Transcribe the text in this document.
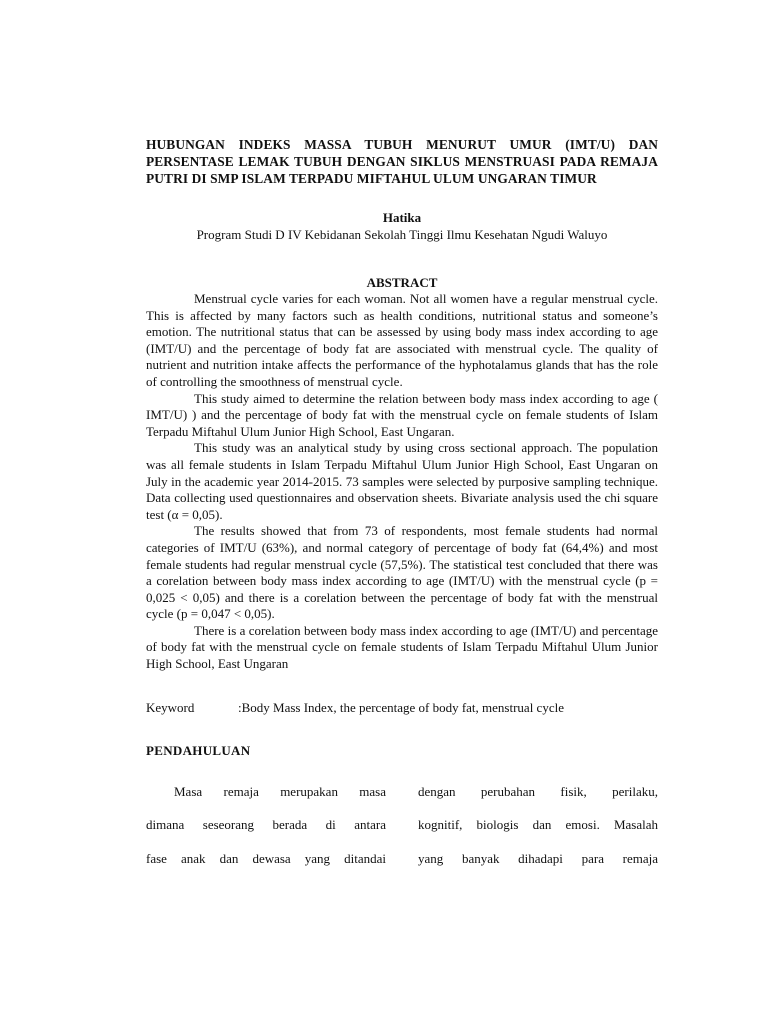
HUBUNGAN INDEKS MASSA TUBUH MENURUT UMUR (IMT/U) DAN PERSENTASE LEMAK TUBUH DENGAN SIKLUS MENSTRUASI PADA REMAJA PUTRI DI SMP ISLAM TERPADU MIFTAHUL ULUM UNGARAN TIMUR
Hatika
Program Studi D IV Kebidanan Sekolah Tinggi Ilmu Kesehatan Ngudi Waluyo
ABSTRACT

Menstrual cycle varies for each woman. Not all women have a regular menstrual cycle. This is affected by many factors such as health conditions, nutritional status and someone’s emotion. The nutritional status that can be assessed by using body mass index according to age (IMT/U) and the percentage of body fat are associated with menstrual cycle. The quality of nutrient and nutrition intake affects the performance of the hyphotalamus glands that has the role of controlling the smoothness of menstrual cycle.

This study aimed to determine the relation between body mass index according to age ( IMT/U) ) and the percentage of body fat with the menstrual cycle on female students of Islam Terpadu Miftahul Ulum Junior High School, East Ungaran.

This study was an analytical study by using cross sectional approach. The population was all female students in Islam Terpadu Miftahul Ulum Junior High School, East Ungaran on July in the academic year 2014-2015. 73 samples were selected by purposive sampling technique. Data collecting used questionnaires and observation sheets. Bivariate analysis used the chi square test (α = 0,05).

The results showed that from 73 of respondents, most female students had normal categories of IMT/U (63%), and normal category of percentage of body fat (64,4%) and most female students had regular menstrual cycle (57,5%). The statistical test concluded that there was a corelation between body mass index according to age (IMT/U) with the menstrual cycle (p = 0,025 < 0,05) and there is a corelation between the percentage of body fat with the menstrual cycle (p = 0,047 < 0,05).

There is a corelation between body mass index according to age (IMT/U) and percentage of body fat with the menstrual cycle on female students of Islam Terpadu Miftahul Ulum Junior High School, East Ungaran

Keyword	:Body Mass Index, the percentage of body fat, menstrual cycle
PENDAHULUAN
Masa remaja merupakan masa
dimana seseorang berada di antara
fase anak dan dewasa yang ditandai
dengan perubahan fisik, perilaku,
kognitif, biologis dan emosi. Masalah
yang banyak dihadapi para remaja
